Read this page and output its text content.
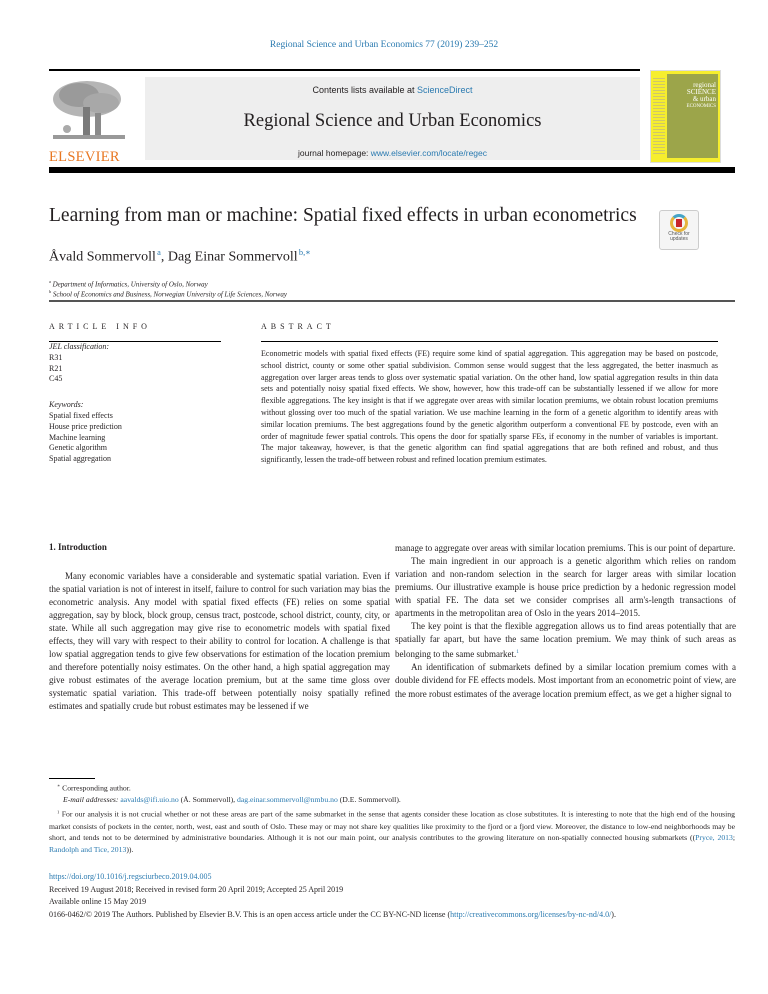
Regional Science and Urban Economics 77 (2019) 239–252
ELSEVIER
Contents lists available at ScienceDirect
Regional Science and Urban Economics
journal homepage: www.elsevier.com/locate/regec
regional
SCIENCE
& urban
ECONOMICS
Learning from man or machine: Spatial fixed effects in urban econometrics
Check for updates
Åvald Sommervoll $^a$, Dag Einar Sommervoll $^{b,∗}$
$^a$ Department of Informatics, University of Oslo, Norway
$^b$ School of Economics and Business, Norwegian University of Life Sciences, Norway
ARTICLE INFO
JEL classification:
R31
R21
C45
Keywords:
Spatial fixed effects
House price prediction
Machine learning
Genetic algorithm
Spatial aggregation
ABSTRACT
Econometric models with spatial fixed effects (FE) require some kind of spatial aggregation. This aggregation may be based on postcode, school district, county or some other spatial subdivision. Common sense would suggest that the less aggregated, the better inasmuch as aggregation over larger areas tends to gloss over systematic spatial variation. On the other hand, low spatial aggregation results in thin data sets and potentially noisy spatial fixed effects. We show, however, how this trade-off can be substantially lessened if we allow for more flexible aggregations. The key insight is that if we aggregate over areas with similar location premiums, we obtain robust location premiums without glossing over too much of the spatial variation. We use machine learning in the form of a genetic algorithm to identify areas with similar location premiums. The best aggregations found by the genetic algorithm outperform a conventional FE by postcode, even with an order of magnitude fewer spatial controls. This opens the door for spatially sparse FEs, if economy in the number of variables is important. The major takeaway, however, is that the genetic algorithm can find spatial aggregations that are both refined and robust, and thus significantly, lessen the trade-off between robust and refined location premium estimates.
1. Introduction

Many economic variables have a considerable and systematic spatial variation. Even if the spatial variation is not of interest in itself, failure to control for such variation may bias the econometric analysis. Any model with spatial fixed effects (FE) relies on some spatial aggregation, say by block, block group, census tract, postcode, school district, county, city, or state. While all such aggregation may give rise to econometric models with spatial fixed effects, they will vary with respect to their ability to control for location. A challenge is that low spatial aggregation tends to give few observations for estimation of the location premium and therefore potentially noisy estimates. On the other hand, a high spatial aggregation may give robust estimates of the average location premium, but at the same time gloss over systematic spatial variation. This trade-off between potentially noisy spatially refined estimates and spatially crude but robust estimates may be lessened if we

manage to aggregate over areas with similar location premiums. This is our point of departure.

The main ingredient in our approach is a genetic algorithm which relies on random variation and non-random selection in the search for larger areas with similar location premiums. Our illustrative example is house price prediction by a hedonic regression model with spatial FE. The data set we consider comprises all arm's-length transactions of apartments in the metropolitan area of Oslo in the years 2014–2015.

The key point is that the flexible aggregation allows us to find areas potentially that are spatially far apart, but have the same location premium. We may think of such areas as belonging to the same submarket.$^1$

An identification of submarkets defined by a similar location premium comes with a double dividend for FE effects models. Most important from an econometric point of view, are the more robust estimates of the average location premium effect, as we get a higher signal to

∗ Corresponding author.
E-mail addresses: aavalds@ifi.uio.no (Å. Sommervoll), dag.einar.sommervoll@nmbu.no (D.E. Sommervoll).
$^1$ For our analysis it is not crucial whether or not these areas are part of the same submarket in the sense that agents consider these location as close substitutes. It is interesting to note that the high end of the housing market consists of pockets in the center, north, west, east and south of Oslo. These may or may not share key qualities like proximity to the fjord or a fjord view. Moreover, the distance to low-end neighborhoods may be short, and tends not to be determined by administrative boundaries. Although it is not our main point, our analysis contributes to the growing literature on non-spatially connected housing submarkets ((Pryce, 2013; Randolph and Tice, 2013)).
https://doi.org/10.1016/j.regsciurbeco.2019.04.005
Received 19 August 2018; Received in revised form 20 April 2019; Accepted 25 April 2019
Available online 15 May 2019
0166-0462/© 2019 The Authors. Published by Elsevier B.V. This is an open access article under the CC BY-NC-ND license (http://creativecommons.org/licenses/by-nc-nd/4.0/).
